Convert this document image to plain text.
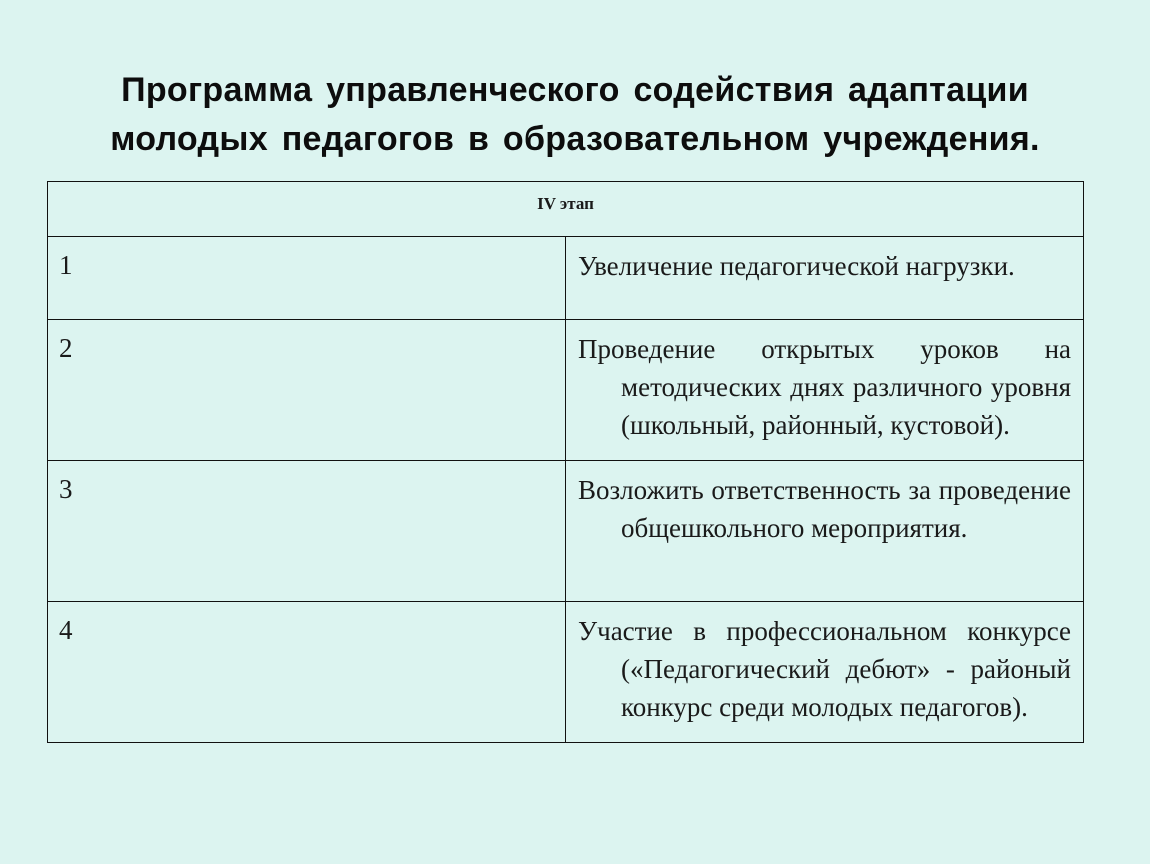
Программа управленческого содействия адаптации молодых педагогов в образовательном учреждения.
IV этап	
1	Увеличение педагогической нагрузки.

2	Проведение открытых уроков на методических днях различного уровня (школьный, районный, кустовой).

3	Возложить ответственность за проведение общешкольного мероприятия.

4	Участие в профессиональном конкурсе («Педагогический дебют» - районый конкурс среди молодых педагогов).
